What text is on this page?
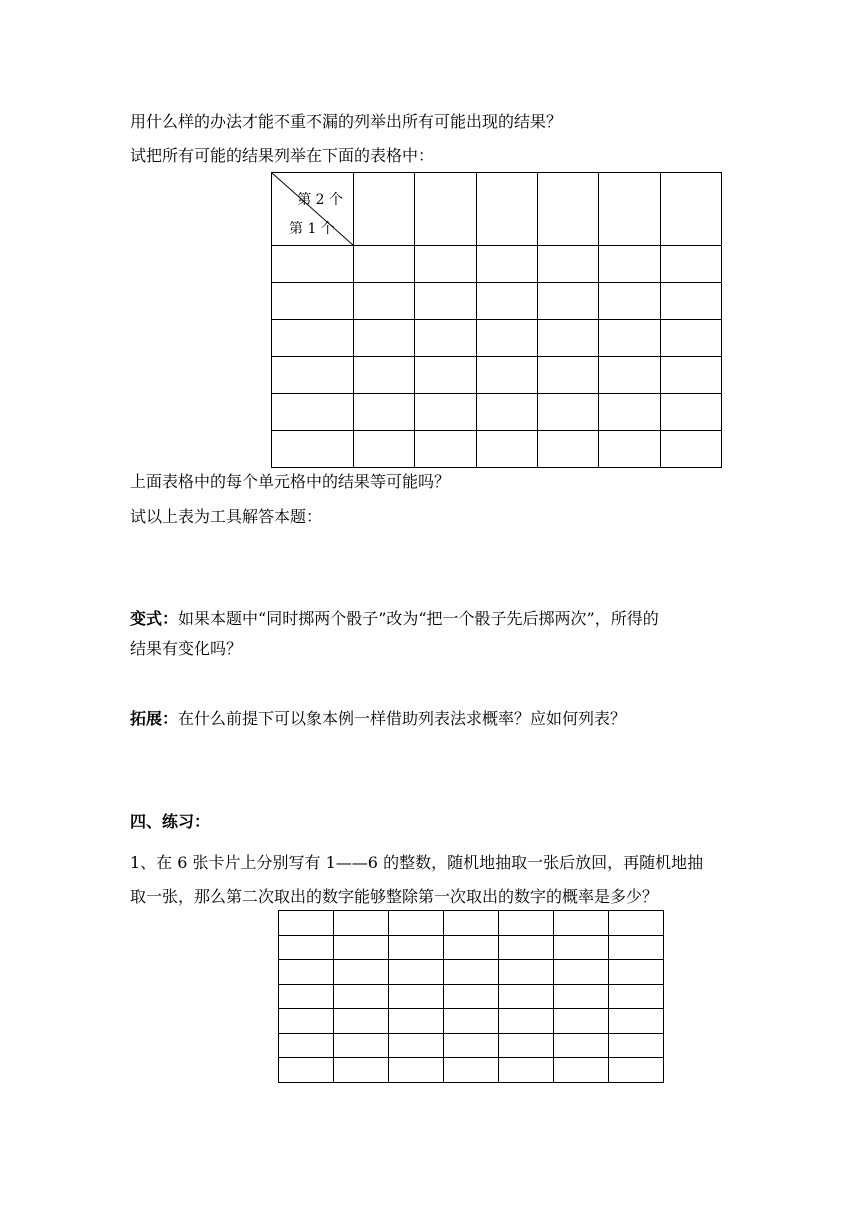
用什么样的办法才能不重不漏的列举出所有可能出现的结果？
试把所有可能的结果列举在下面的表格中：
第 2 个
第 1 个						

上面表格中的每个单元格中的结果等可能吗？
试以上表为工具解答本题：
变式：如果本题中“同时掷两个骰子”改为“把一个骰子先后掷两次”，所得的
结果有变化吗？
拓展：在什么前提下可以象本例一样借助列表法求概率？应如何列表？
四、练习：
1、在 6 张卡片上分别写有 1——6 的整数，随机地抽取一张后放回，再随机地抽
取一张，那么第二次取出的数字能够整除第一次取出的数字的概率是多少？
